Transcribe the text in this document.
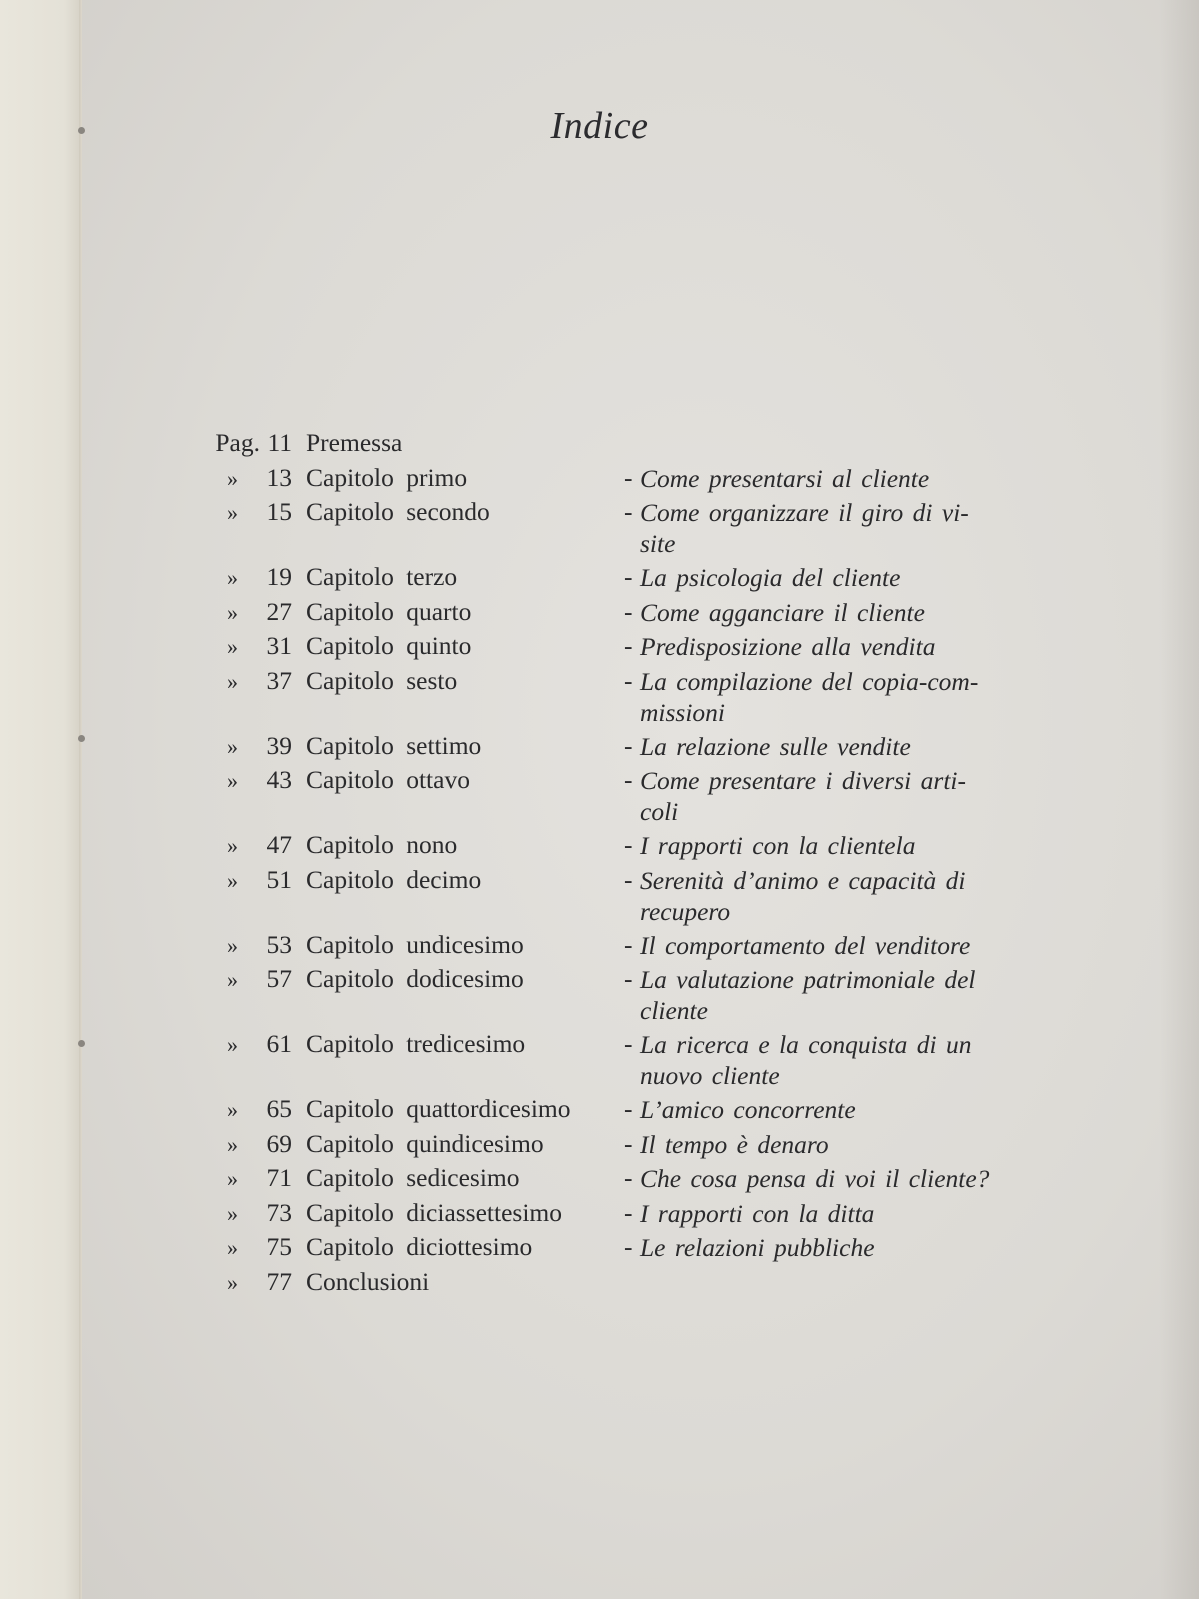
Indice
Pag. 11 Premessa
» 13 Capitolo primo	- Come presentarsi al cliente
» 15 Capitolo secondo	- Come organizzare il giro di vi-
site
» 19 Capitolo terzo	- La psicologia del cliente
» 27 Capitolo quarto	- Come agganciare il cliente
» 31 Capitolo quinto	- Predisposizione alla vendita
» 37 Capitolo sesto	- La compilazione del copia-com-
missioni
» 39 Capitolo settimo	- La relazione sulle vendite
» 43 Capitolo ottavo	- Come presentare i diversi arti-
coli
» 47 Capitolo nono	- I rapporti con la clientela
» 51 Capitolo decimo	- Serenità d’animo e capacità di
recupero
» 53 Capitolo undicesimo	- Il comportamento del venditore
» 57 Capitolo dodicesimo	- La valutazione patrimoniale del
cliente
» 61 Capitolo tredicesimo	- La ricerca e la conquista di un
nuovo cliente
» 65 Capitolo quattordicesimo - L’amico concorrente
» 69 Capitolo quindicesimo	- Il tempo è denaro
» 71 Capitolo sedicesimo	- Che cosa pensa di voi il cliente?
» 73 Capitolo diciassettesimo - I rapporti con la ditta
» 75 Capitolo diciottesimo	- Le relazioni pubbliche
» 77 Conclusioni
